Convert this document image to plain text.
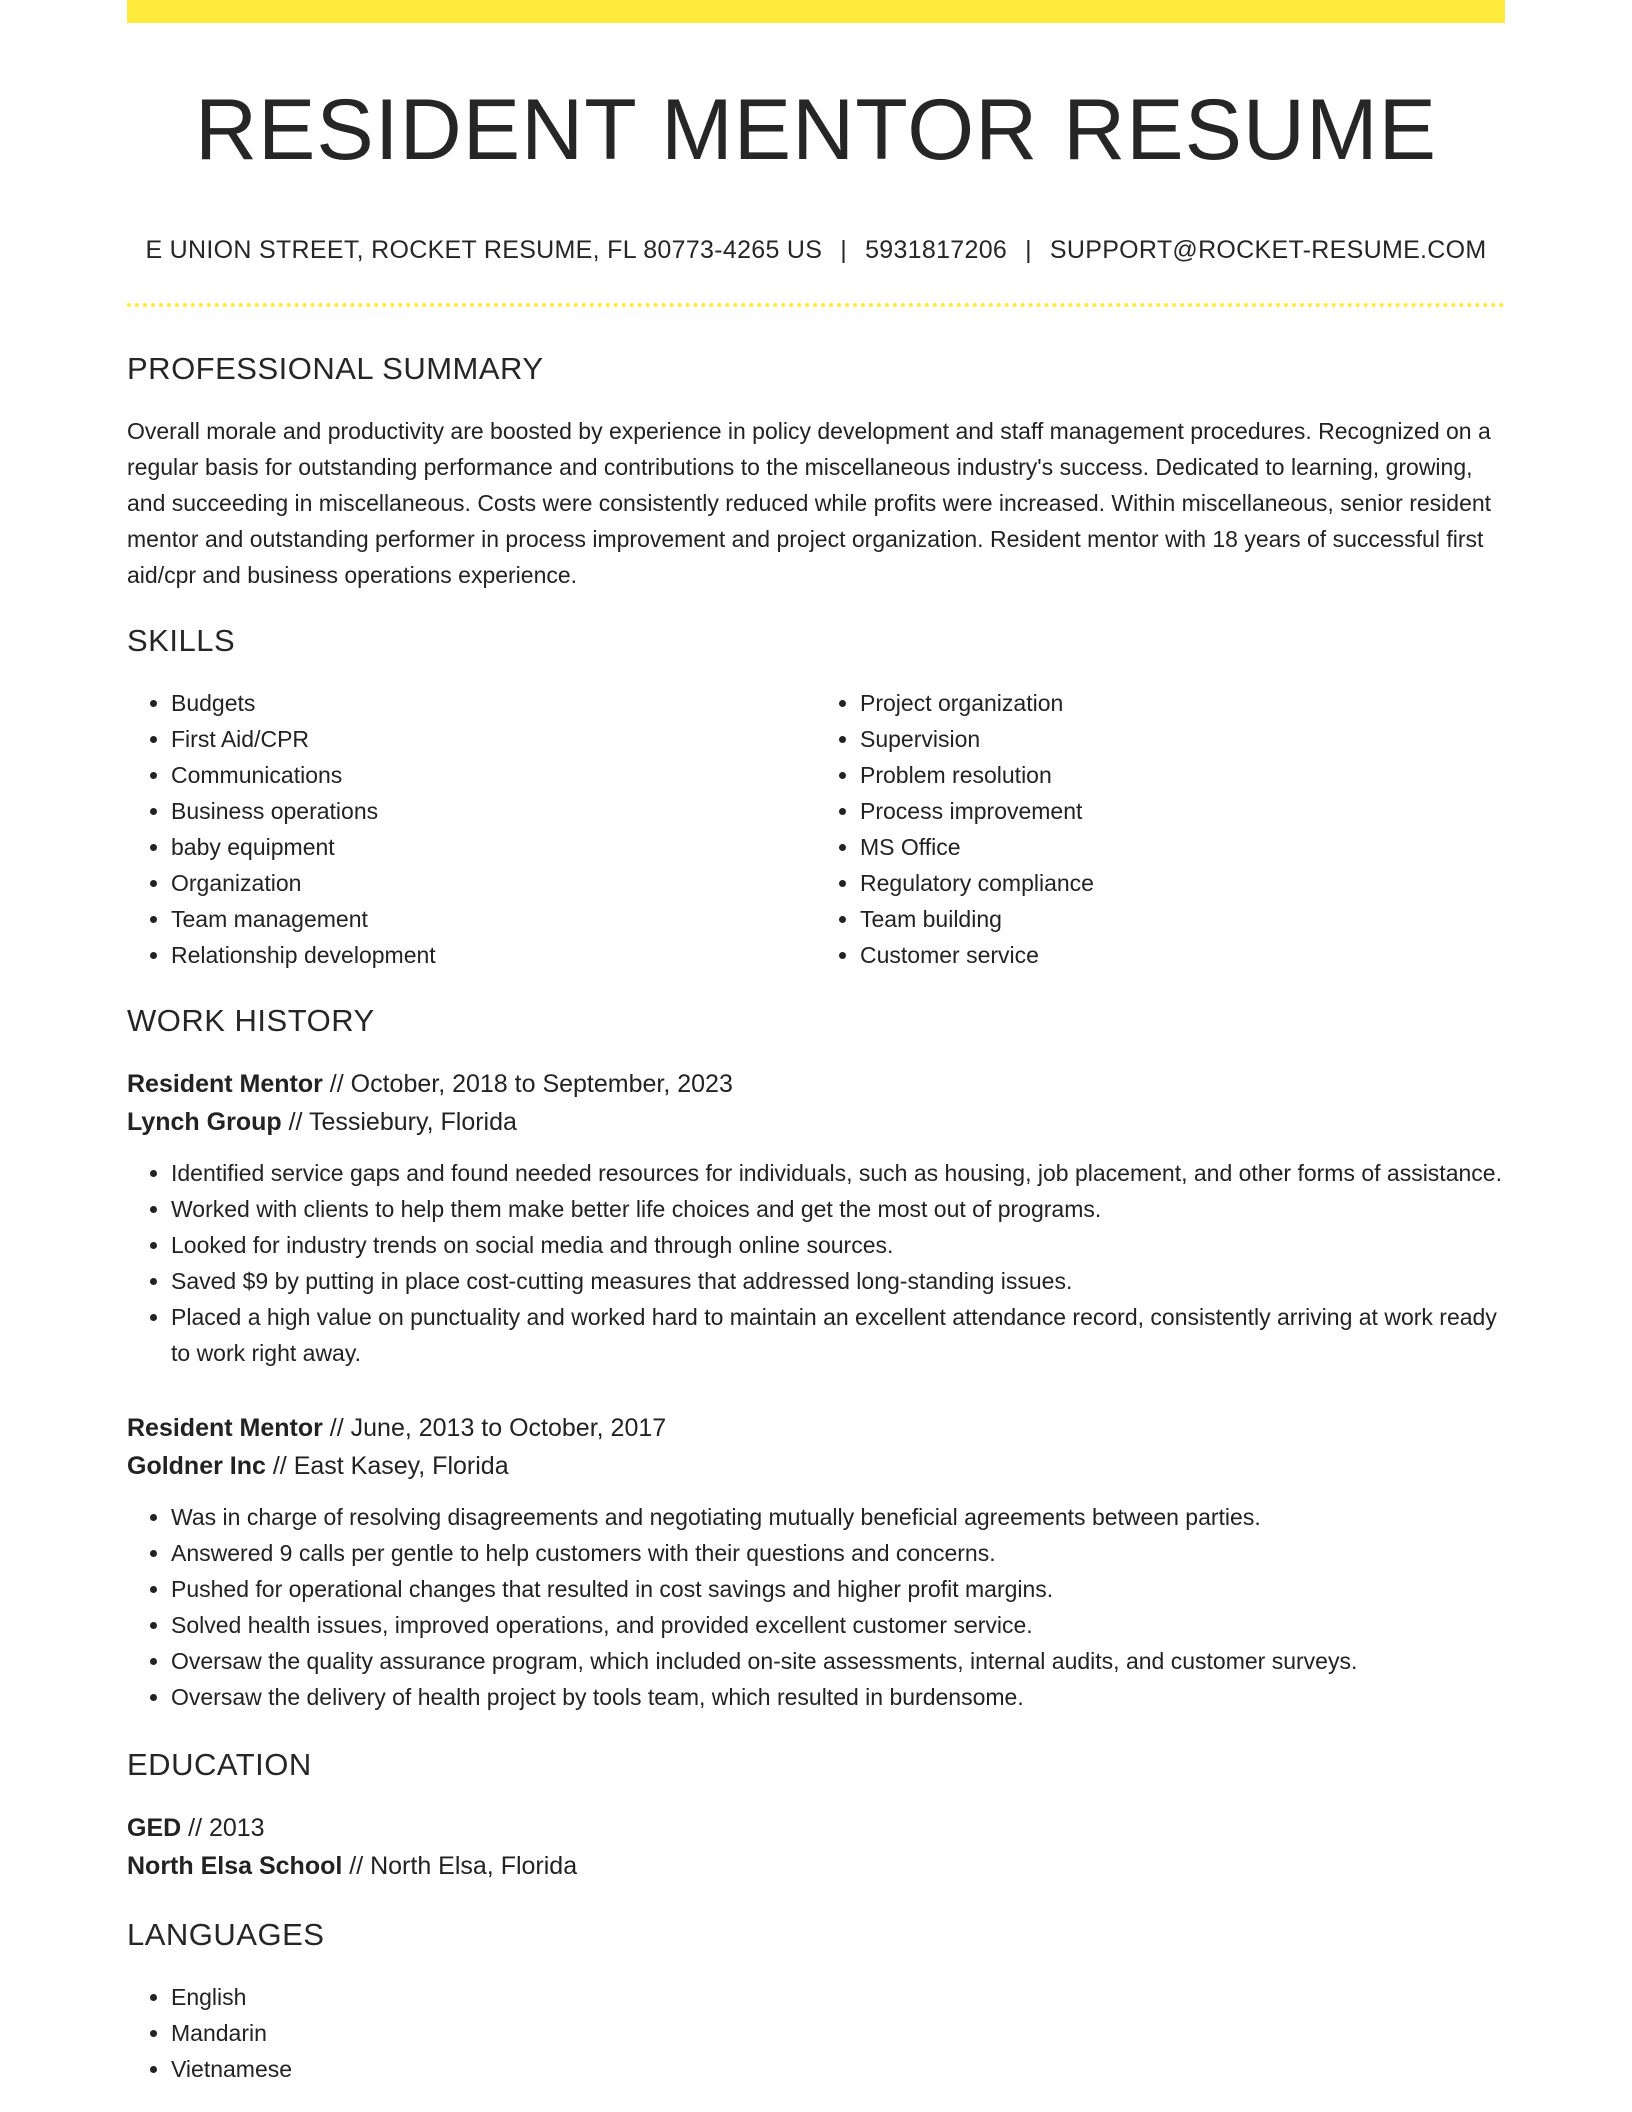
RESIDENT MENTOR RESUME
E UNION STREET, ROCKET RESUME, FL 80773-4265 US | 5931817206 | SUPPORT@ROCKET-RESUME.COM
PROFESSIONAL SUMMARY

Overall morale and productivity are boosted by experience in policy development and staff management procedures. Recognized on a regular basis for outstanding performance and contributions to the miscellaneous industry's success. Dedicated to learning, growing, and succeeding in miscellaneous. Costs were consistently reduced while profits were increased. Within miscellaneous, senior resident mentor and outstanding performer in process improvement and project organization. Resident mentor with 18 years of successful first aid/cpr and business operations experience.

SKILLS
• Budgets
• First Aid/CPR
• Communications
• Business operations
• baby equipment
• Organization
• Team management
• Relationship development
• Project organization
• Supervision
• Problem resolution
• Process improvement
• MS Office
• Regulatory compliance
• Team building
• Customer service
WORK HISTORY
Resident Mentor // October, 2018 to September, 2023
Lynch Group // Tessiebury, Florida
• Identified service gaps and found needed resources for individuals, such as housing, job placement, and other forms of assistance.
• Worked with clients to help them make better life choices and get the most out of programs.
• Looked for industry trends on social media and through online sources.
• Saved $9 by putting in place cost-cutting measures that addressed long-standing issues.
• Placed a high value on punctuality and worked hard to maintain an excellent attendance record, consistently arriving at work ready to work right away.
Resident Mentor // June, 2013 to October, 2017
Goldner Inc // East Kasey, Florida
• Was in charge of resolving disagreements and negotiating mutually beneficial agreements between parties.
• Answered 9 calls per gentle to help customers with their questions and concerns.
• Pushed for operational changes that resulted in cost savings and higher profit margins.
• Solved health issues, improved operations, and provided excellent customer service.
• Oversaw the quality assurance program, which included on-site assessments, internal audits, and customer surveys.
• Oversaw the delivery of health project by tools team, which resulted in burdensome.
EDUCATION
GED // 2013
North Elsa School // North Elsa, Florida
LANGUAGES
• English
• Mandarin
• Vietnamese
